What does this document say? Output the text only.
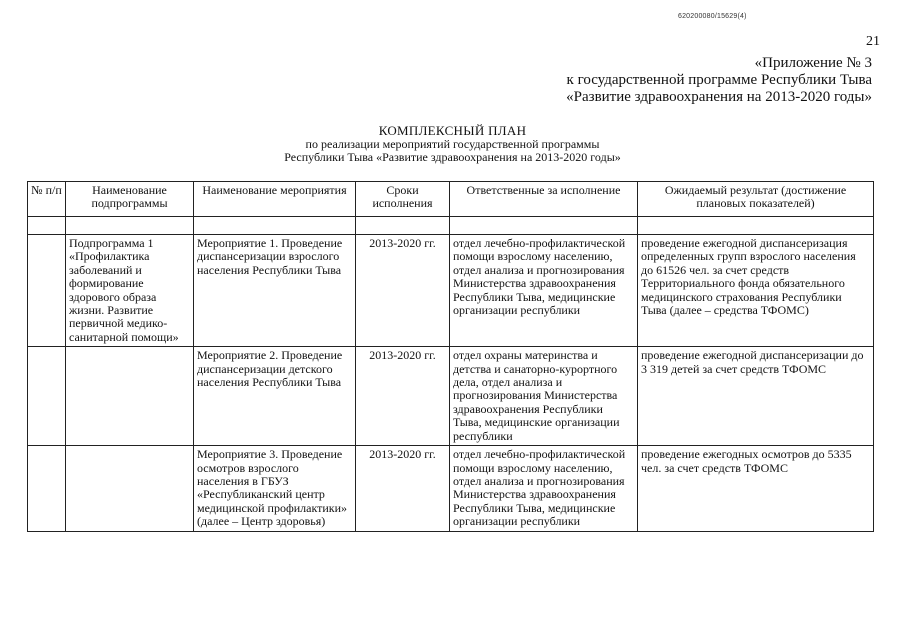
620200080/15629(4)
21
«Приложение № 3
к государственной программе Республики Тыва
«Развитие здравоохранения на 2013-2020 годы»
КОМПЛЕКСНЫЙ ПЛАН
по реализации мероприятий государственной программы
Республики Тыва «Развитие здравоохранения на 2013-2020 годы»
№ п/п	Наименование подпрограммы	Наименование мероприятия	Сроки исполнения	Ответственные за исполнение	Ожидаемый результат (достижение плановых показателей)

	Подпрограмма 1 «Профилактика заболеваний и формирование здорового образа жизни. Развитие первичной медико-санитарной помощи»	Мероприятие 1. Проведение диспансеризации взрослого населения Республики Тыва	2013-2020 гг.	отдел лечебно-профилактической помощи взрослому населению, отдел анализа и прогнозирования Министерства здравоохранения Республики Тыва, медицинские организации республики	проведение ежегодной диспансеризация определенных групп взрослого населения до 61526 чел. за счет средств Территориального фонда обязательного медицинского страхования Республики Тыва (далее – средства ТФОМС)
		Мероприятие 2. Проведение диспансеризации детского населения Республики Тыва	2013-2020 гг.	отдел охраны материнства и детства и санаторно-курортного дела, отдел анализа и прогнозирования Министерства здравоохранения Республики Тыва, медицинские организации республики	проведение ежегодной диспансеризации до 3 319 детей за счет средств ТФОМС
		Мероприятие 3. Проведение осмотров взрослого населения в ГБУЗ «Республиканский центр медицинской профилактики» (далее – Центр здоровья)	2013-2020 гг.	отдел лечебно-профилактической помощи взрослому населению, отдел анализа и прогнозирования Министерства здравоохранения Республики Тыва, медицинские организации республики	проведение ежегодных осмотров до 5335 чел. за счет средств ТФОМС
